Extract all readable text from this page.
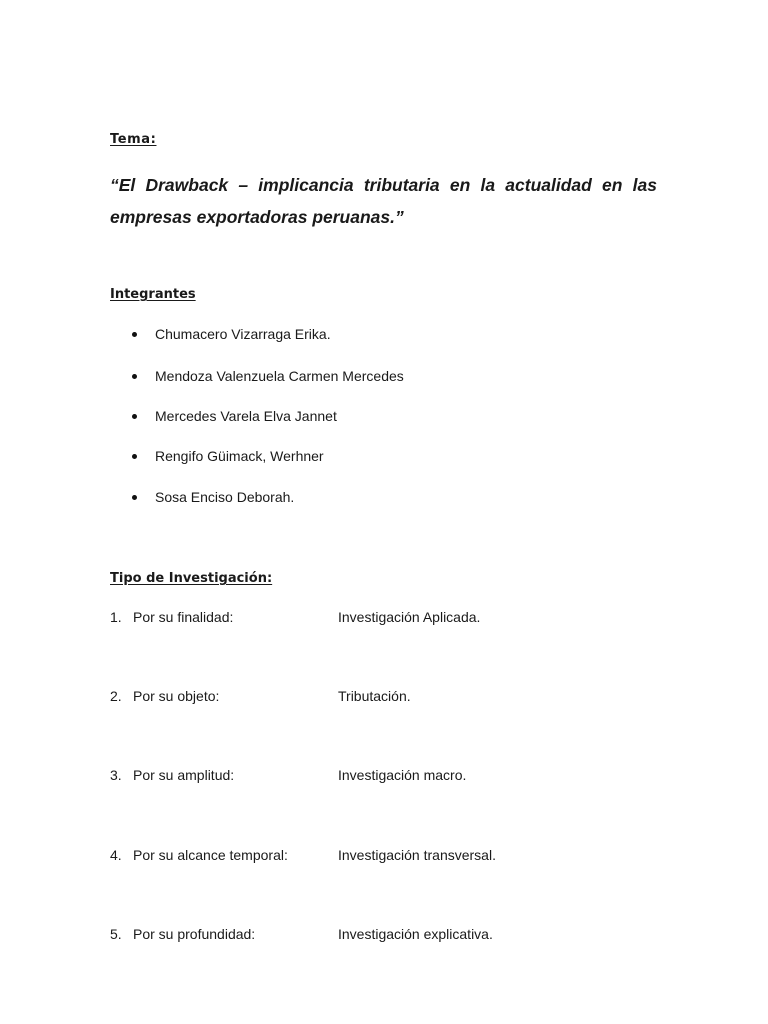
Tema:

“El Drawback – implicancia tributaria en la actualidad en las empresas exportadoras peruanas.”

Integrantes
Chumacero Vizarraga Erika.
Mendoza Valenzuela Carmen Mercedes
Mercedes Varela Elva Jannet
Rengifo Güimack, Werhner
Sosa Enciso Deborah.
Tipo de Investigación:
1. Por su finalidad:	Investigación Aplicada.
2. Por su objeto:	Tributación.
3. Por su amplitud:	Investigación macro.
4. Por su alcance temporal:	Investigación transversal.
5. Por su profundidad:	Investigación explicativa.
